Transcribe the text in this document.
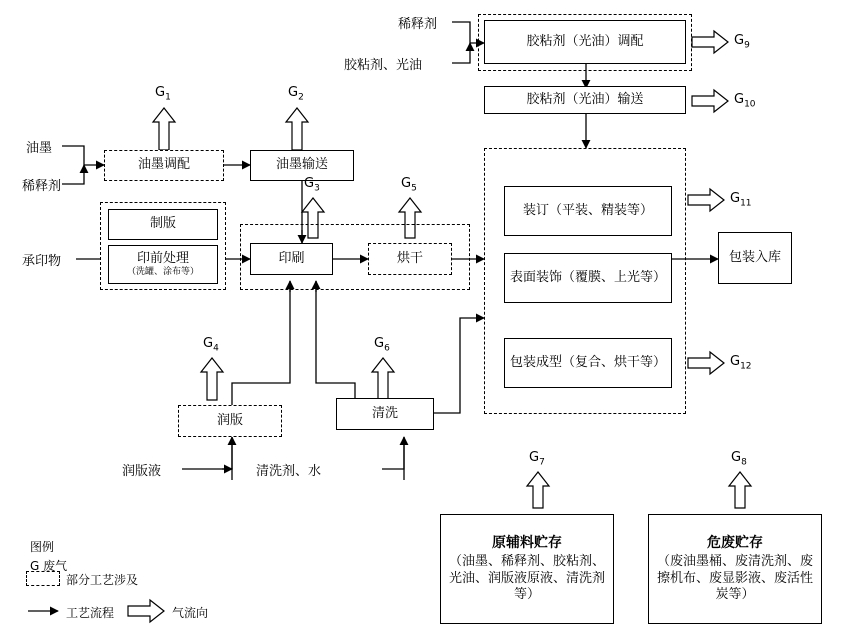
胶粘剂（光油）调配
胶粘剂（光油）输送
油墨调配	油墨输送
制版
印前处理
（洗罐、涂布等）
印刷	烘干
装订（平装、精装等）
表面装饰（覆膜、上光等）
包装成型（复合、烘干等）
包装入库
润版	清洗
原辅料贮存
（油墨、稀释剂、胶粘剂、光油、润版液原液、清洗剂等）
危废贮存
（废油墨桶、废清洗剂、废擦机布、废显影液、废活性炭等）
稀释剂
胶粘剂、光油
油墨
稀释剂
承印物
润版液	清洗剂、水
$G_1$	$G_2$
$G_3$
$G_4$
$G_5$
$G_6$
$G_7$	$G_8$
$G_9$
$G_{10}$
$G_{11}$
$G_{12}$
图例
G 废气
部分工艺涉及
工艺流程	气流向
